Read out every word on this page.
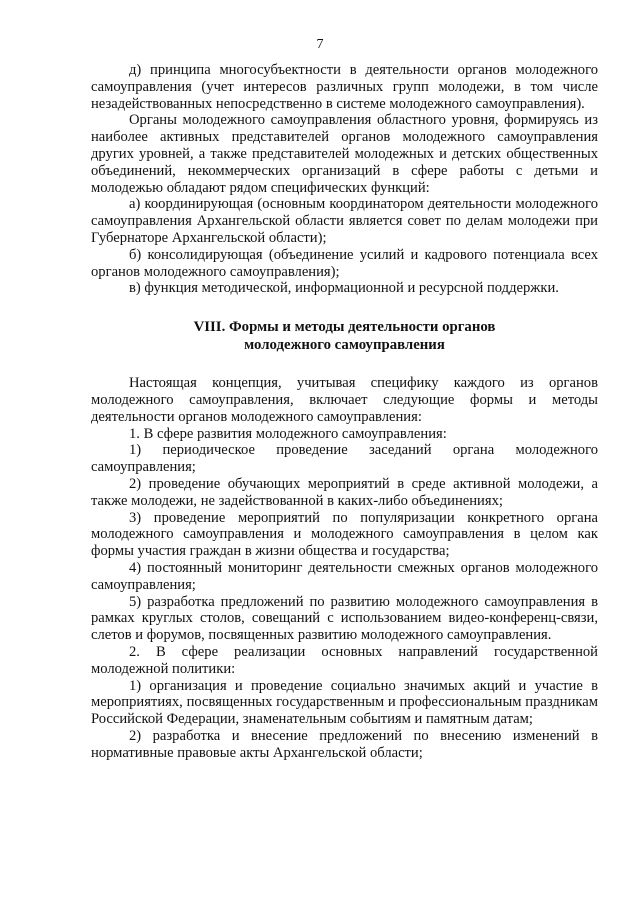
7

д) принципа многосубъектности в деятельности органов молодежного самоуправления (учет интересов различных групп молодежи, в том числе незадействованных непосредственно в системе молодежного самоуправления).

Органы молодежного самоуправления областного уровня, формируясь из наиболее активных представителей органов молодежного самоуправления других уровней, а также представителей молодежных и детских общественных объединений, некоммерческих организаций в сфере работы с детьми и молодежью обладают рядом специфических функций:

а) координирующая (основным координатором деятельности молодежного самоуправления Архангельской области является совет по делам молодежи при Губернаторе Архангельской области);

б) консолидирующая (объединение усилий и кадрового потенциала всех органов молодежного самоуправления);

в) функция методической, информационной и ресурсной поддержки.

VIII. Формы и методы деятельности органов
молодежного самоуправления

Настоящая концепция, учитывая специфику каждого из органов молодежного самоуправления, включает следующие формы и методы деятельности органов молодежного самоуправления:

1. В сфере развития молодежного самоуправления:

1) периодическое проведение заседаний органа молодежного самоуправления;

2) проведение обучающих мероприятий в среде активной молодежи, а также молодежи, не задействованной в каких-либо объединениях;

3) проведение мероприятий по популяризации конкретного органа молодежного самоуправления и молодежного самоуправления в целом как формы участия граждан в жизни общества и государства;

4) постоянный мониторинг деятельности смежных органов молодежного самоуправления;

5) разработка предложений по развитию молодежного самоуправления в рамках круглых столов, совещаний с использованием видео-конференц-связи, слетов и форумов, посвященных развитию молодежного самоуправления.

2. В сфере реализации основных направлений государственной молодежной политики:

1) организация и проведение социально значимых акций и участие в мероприятиях, посвященных государственным и профессиональным праздникам Российской Федерации, знаменательным событиям и памятным датам;

2) разработка и внесение предложений по внесению изменений в нормативные правовые акты Архангельской области;
